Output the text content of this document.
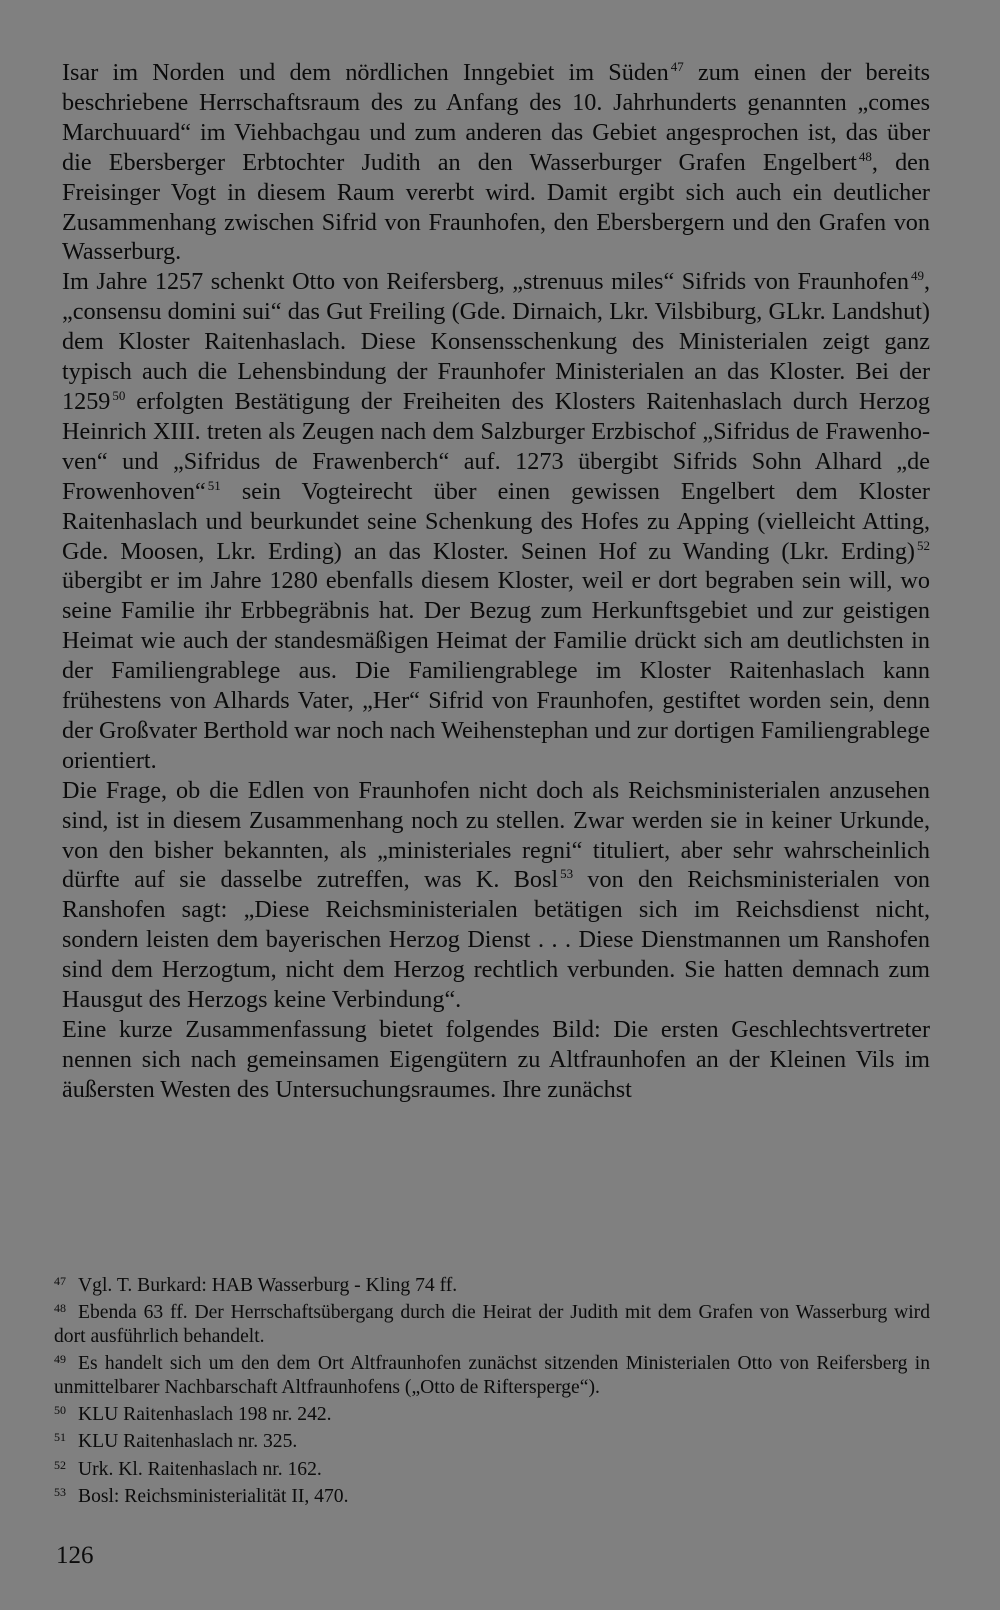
Isar im Norden und dem nördlichen Inngebiet im Süden $^{47}$ zum einen der bereits beschriebene Herrschaftsraum des zu Anfang des 10. Jahrhunderts genannten „comes Marchuuard“ im Viehbachgau und zum anderen das Gebiet angesprochen ist, das über die Ebersberger Erbtochter Judith an den Wasserburger Grafen Engelbert $^{48}$, den Freisinger Vogt in diesem Raum vererbt wird. Damit ergibt sich auch ein deutlicher Zusammenhang zwischen Sifrid von Fraunhofen, den Ebersbergern und den Grafen von Wasserburg.

Im Jahre 1257 schenkt Otto von Reifersberg, „strenuus miles“ Sifrids von Fraunhofen $^{49}$, „consensu domini sui“ das Gut Freiling (Gde. Dirnaich, Lkr. Vilsbiburg, GLkr. Landshut) dem Kloster Raitenhaslach. Diese Konsensschenkung des Ministerialen zeigt ganz typisch auch die Lehensbindung der Fraunhofer Ministerialen an das Kloster. Bei der 1259 $^{50}$ erfolgten Bestätigung der Freiheiten des Klosters Raitenhaslach durch Herzog Heinrich XIII. treten als Zeugen nach dem Salzburger Erzbischof „Sifridus de Frawenhoven“ und „Sifridus de Frawenberch“ auf. 1273 übergibt Sifrids Sohn Alhard „de Frowenhoven“ $^{51}$ sein Vogteirecht über einen gewissen Engelbert dem Kloster Raitenhaslach und beurkundet seine Schenkung des Hofes zu Apping (vielleicht Atting, Gde. Moosen, Lkr. Erding) an das Kloster. Seinen Hof zu Wanding (Lkr. Erding) $^{52}$ übergibt er im Jahre 1280 ebenfalls diesem Kloster, weil er dort begraben sein will, wo seine Familie ihr Erbbegräbnis hat. Der Bezug zum Herkunftsgebiet und zur geistigen Heimat wie auch der standesmäßigen Heimat der Familie drückt sich am deutlichsten in der Familiengrablege aus. Die Familiengrablege im Kloster Raitenhaslach kann frühestens von Alhards Vater, „Her“ Sifrid von Fraunhofen, gestiftet worden sein, denn der Großvater Berthold war noch nach Weihenstephan und zur dortigen Familiengrablege orientiert.

Die Frage, ob die Edlen von Fraunhofen nicht doch als Reichsministerialen anzusehen sind, ist in diesem Zusammenhang noch zu stellen. Zwar werden sie in keiner Urkunde, von den bisher bekannten, als „ministeriales regni“ tituliert, aber sehr wahrscheinlich dürfte auf sie dasselbe zutreffen, was K. Bosl $^{53}$ von den Reichsministerialen von Ranshofen sagt: „Diese Reichsministerialen betätigen sich im Reichsdienst nicht, sondern leisten dem bayerischen Herzog Dienst . . . Diese Dienstmannen um Ranshofen sind dem Herzogtum, nicht dem Herzog rechtlich verbunden. Sie hatten demnach zum Hausgut des Herzogs keine Verbindung“.

Eine kurze Zusammenfassung bietet folgendes Bild: Die ersten Geschlechtsvertreter nennen sich nach gemeinsamen Eigengütern zu Altfraunhofen an der Kleinen Vils im äußersten Westen des Untersuchungsraumes. Ihre zunächst

$^{47}$ Vgl. T. Burkard: HAB Wasserburg - Kling 74 ff.
$^{48}$ Ebenda 63 ff. Der Herrschaftsübergang durch die Heirat der Judith mit dem Grafen von Wasserburg wird dort ausführlich behandelt.
$^{49}$ Es handelt sich um den dem Ort Altfraunhofen zunächst sitzenden Ministerialen Otto von Reifersberg in unmittelbarer Nachbarschaft Altfraunhofens („Otto de Riftersperge“).
$^{50}$ KLU Raitenhaslach 198 nr. 242.
$^{51}$ KLU Raitenhaslach nr. 325.
$^{52}$ Urk. Kl. Raitenhaslach nr. 162.
$^{53}$ Bosl: Reichsministerialität II, 470.
126
